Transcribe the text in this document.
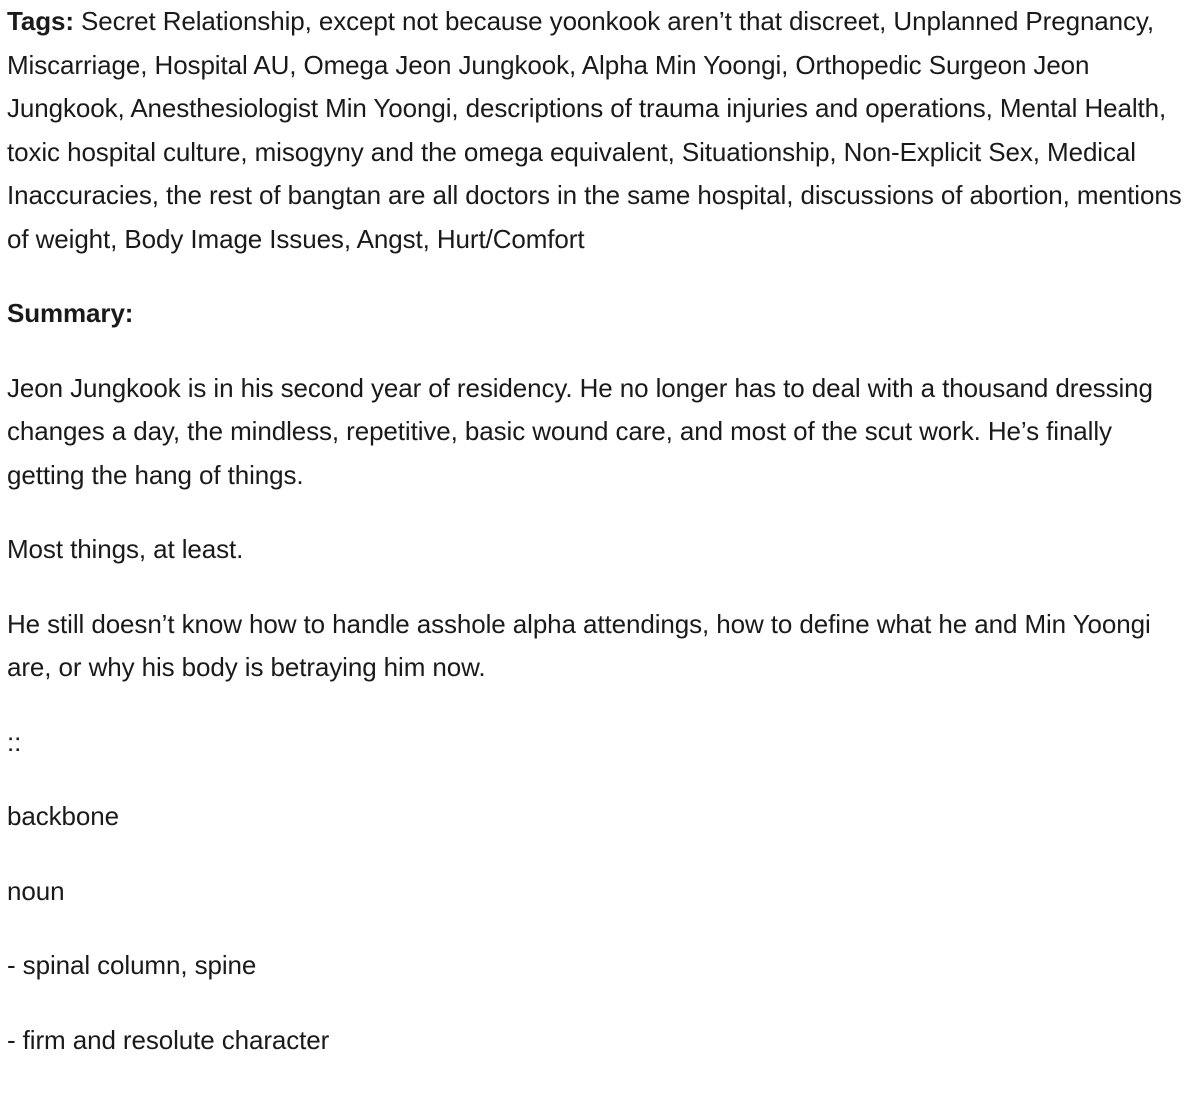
Tags: Secret Relationship, except not because yoonkook aren’t that discreet, Unplanned Pregnancy, Miscarriage, Hospital AU, Omega Jeon Jungkook, Alpha Min Yoongi, Orthopedic Surgeon Jeon Jungkook, Anesthesiologist Min Yoongi, descriptions of trauma injuries and operations, Mental Health, toxic hospital culture, misogyny and the omega equivalent, Situationship, Non-Explicit Sex, Medical Inaccuracies, the rest of bangtan are all doctors in the same hospital, discussions of abortion, mentions of weight, Body Image Issues, Angst, Hurt/Comfort

Summary:

Jeon Jungkook is in his second year of residency. He no longer has to deal with a thousand dressing changes a day, the mindless, repetitive, basic wound care, and most of the scut work. He’s finally getting the hang of things.

Most things, at least.

He still doesn’t know how to handle asshole alpha attendings, how to define what he and Min Yoongi are, or why his body is betraying him now.

::

backbone

noun

- spinal column, spine

- firm and resolute character
